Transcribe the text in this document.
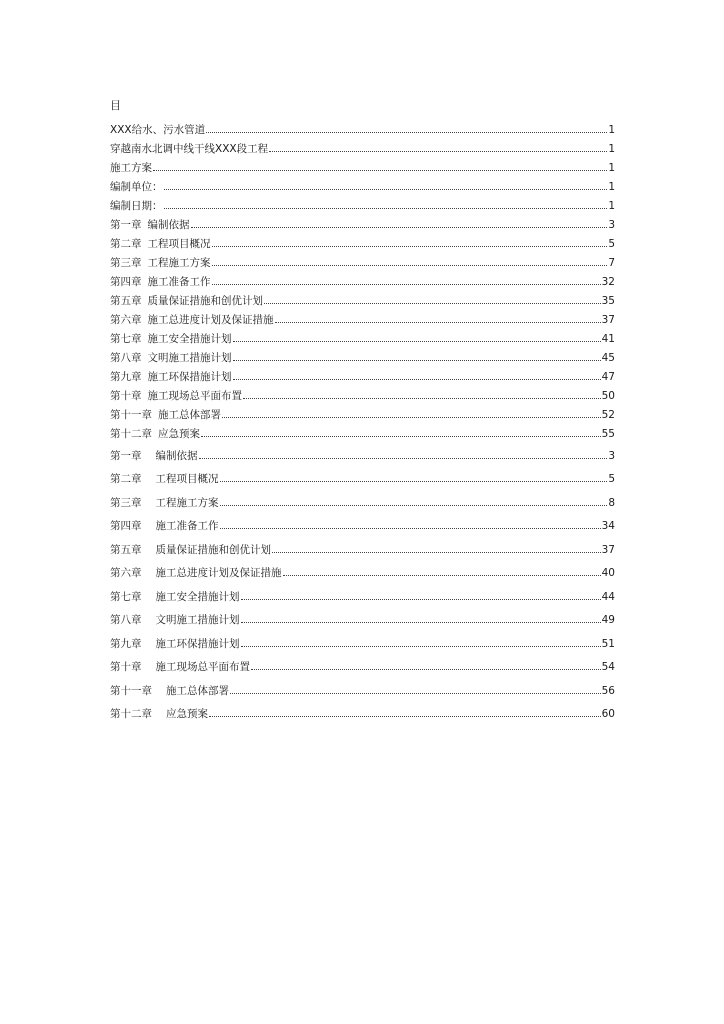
目
XXX给水、污水管道	1
穿越南水北调中线干线XXX段工程	1
施工方案	1
编制单位：	1
编制日期：	1
第一章 编制依据	3
第二章 工程项目概况	5
第三章 工程施工方案	7
第四章 施工准备工作	32
第五章 质量保证措施和创优计划	35
第六章 施工总进度计划及保证措施	37
第七章 施工安全措施计划	41
第八章 文明施工措施计划	45
第九章 施工环保措施计划	47
第十章 施工现场总平面布置	50
第十一章 施工总体部署	52
第十二章 应急预案	55
第一章 编制依据	3
第二章 工程项目概况	5
第三章 工程施工方案	8
第四章 施工准备工作	34
第五章 质量保证措施和创优计划	37
第六章 施工总进度计划及保证措施	40
第七章 施工安全措施计划	44
第八章 文明施工措施计划	49
第九章 施工环保措施计划	51
第十章 施工现场总平面布置	54
第十一章 施工总体部署	56
第十二章 应急预案	60
